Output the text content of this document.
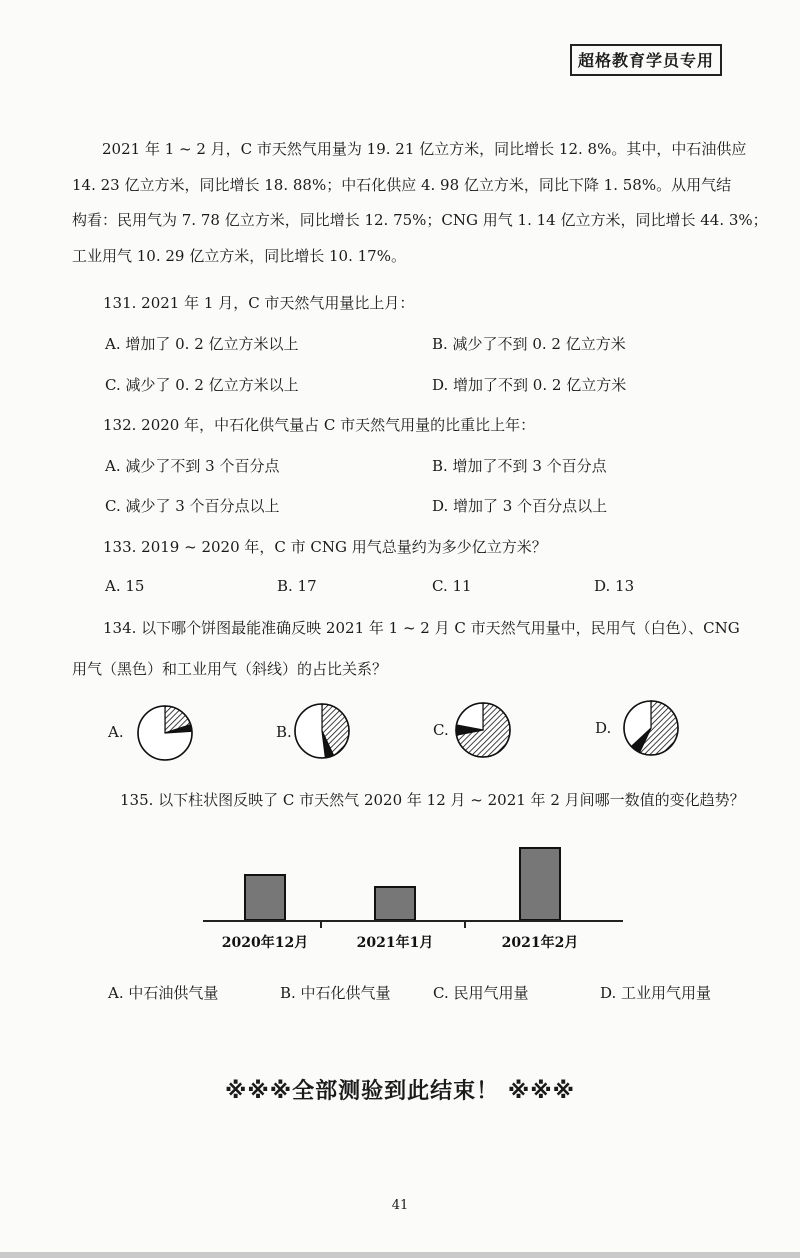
超格教育学员专用
2021 年 1 ~ 2 月，C 市天然气用量为 19. 21 亿立方米，同比增长 12. 8%。其中，中石油供应
14. 23 亿立方米，同比增长 18. 88%；中石化供应 4. 98 亿立方米，同比下降 1. 58%。从用气结
构看：民用气为 7. 78 亿立方米，同比增长 12. 75%；CNG 用气 1. 14 亿立方米，同比增长 44. 3%；
工业用气 10. 29 亿立方米，同比增长 10. 17%。
131. 2021 年 1 月，C 市天然气用量比上月：
A. 增加了 0. 2 亿立方米以上	B. 减少了不到 0. 2 亿立方米
C. 减少了 0. 2 亿立方米以上	D. 增加了不到 0. 2 亿立方米
132. 2020 年，中石化供气量占 C 市天然气用量的比重比上年：
A. 减少了不到 3 个百分点	B. 增加了不到 3 个百分点
C. 减少了 3 个百分点以上	D. 增加了 3 个百分点以上
133. 2019 ~ 2020 年，C 市 CNG 用气总量约为多少亿立方米？
A. 15	B. 17	C. 11	D. 13
134. 以下哪个饼图最能准确反映 2021 年 1 ~ 2 月 C 市天然气用量中，民用气（白色）、CNG
用气（黑色）和工业用气（斜线）的占比关系？
A.	B.	C.	D.
135. 以下柱状图反映了 C 市天然气 2020 年 12 月 ~ 2021 年 2 月间哪一数值的变化趋势？
2020年12月	2021年1月	2021年2月
A. 中石油供气量	B. 中石化供气量	C. 民用气用量	D. 工业用气用量
※※※全部测验到此结束！ ※※※
41
